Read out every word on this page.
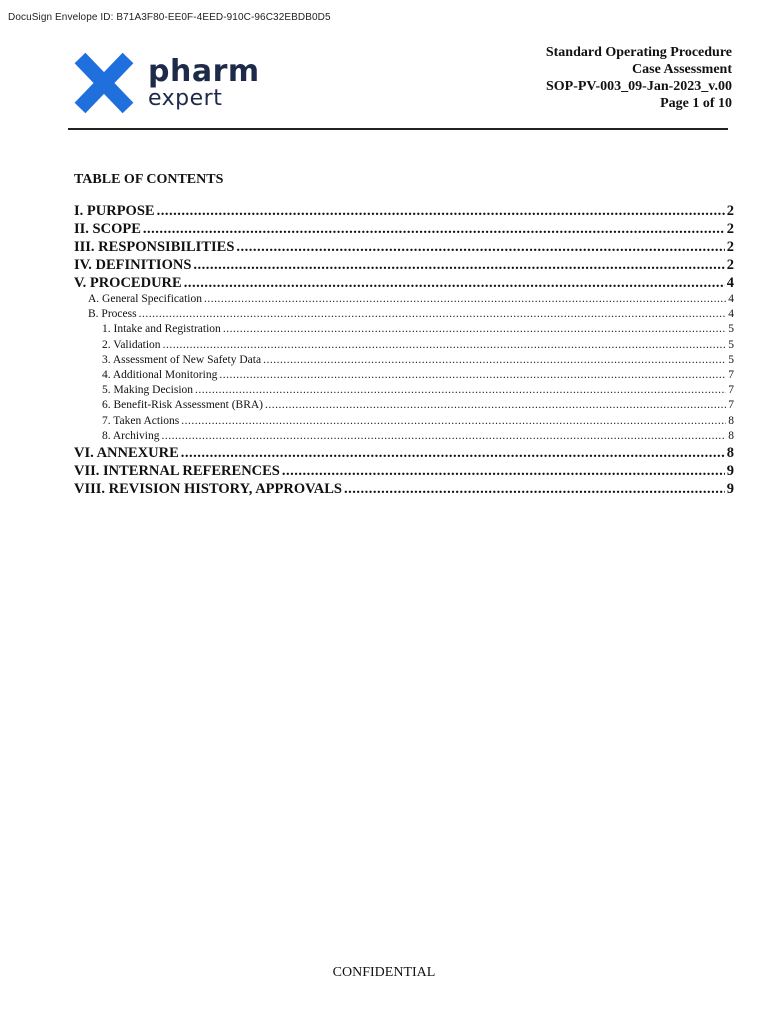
DocuSign Envelope ID: B71A3F80-EE0F-4EED-910C-96C32EBDB0D5
pharm
expert
Standard Operating Procedure
Case Assessment
SOP-PV-003_09-Jan-2023_v.00
Page 1 of 10
TABLE OF CONTENTS
I. PURPOSE .....	2
II. SCOPE .....	2
III. RESPONSIBILITIES .....	2
IV. DEFINITIONS .....	2
V. PROCEDURE .....	4
A. General Specification .....	4
B. Process .....	4
1. Intake and Registration .....	5
2. Validation .....	5
3. Assessment of New Safety Data .....	5
4. Additional Monitoring .....	7
5. Making Decision .....	7
6. Benefit-Risk Assessment (BRA) .....	7
7. Taken Actions .....	8
8. Archiving .....	8
VI. ANNEXURE .....	8
VII. INTERNAL REFERENCES .....	9
VIII. REVISION HISTORY, APPROVALS .....	9
CONFIDENTIAL
